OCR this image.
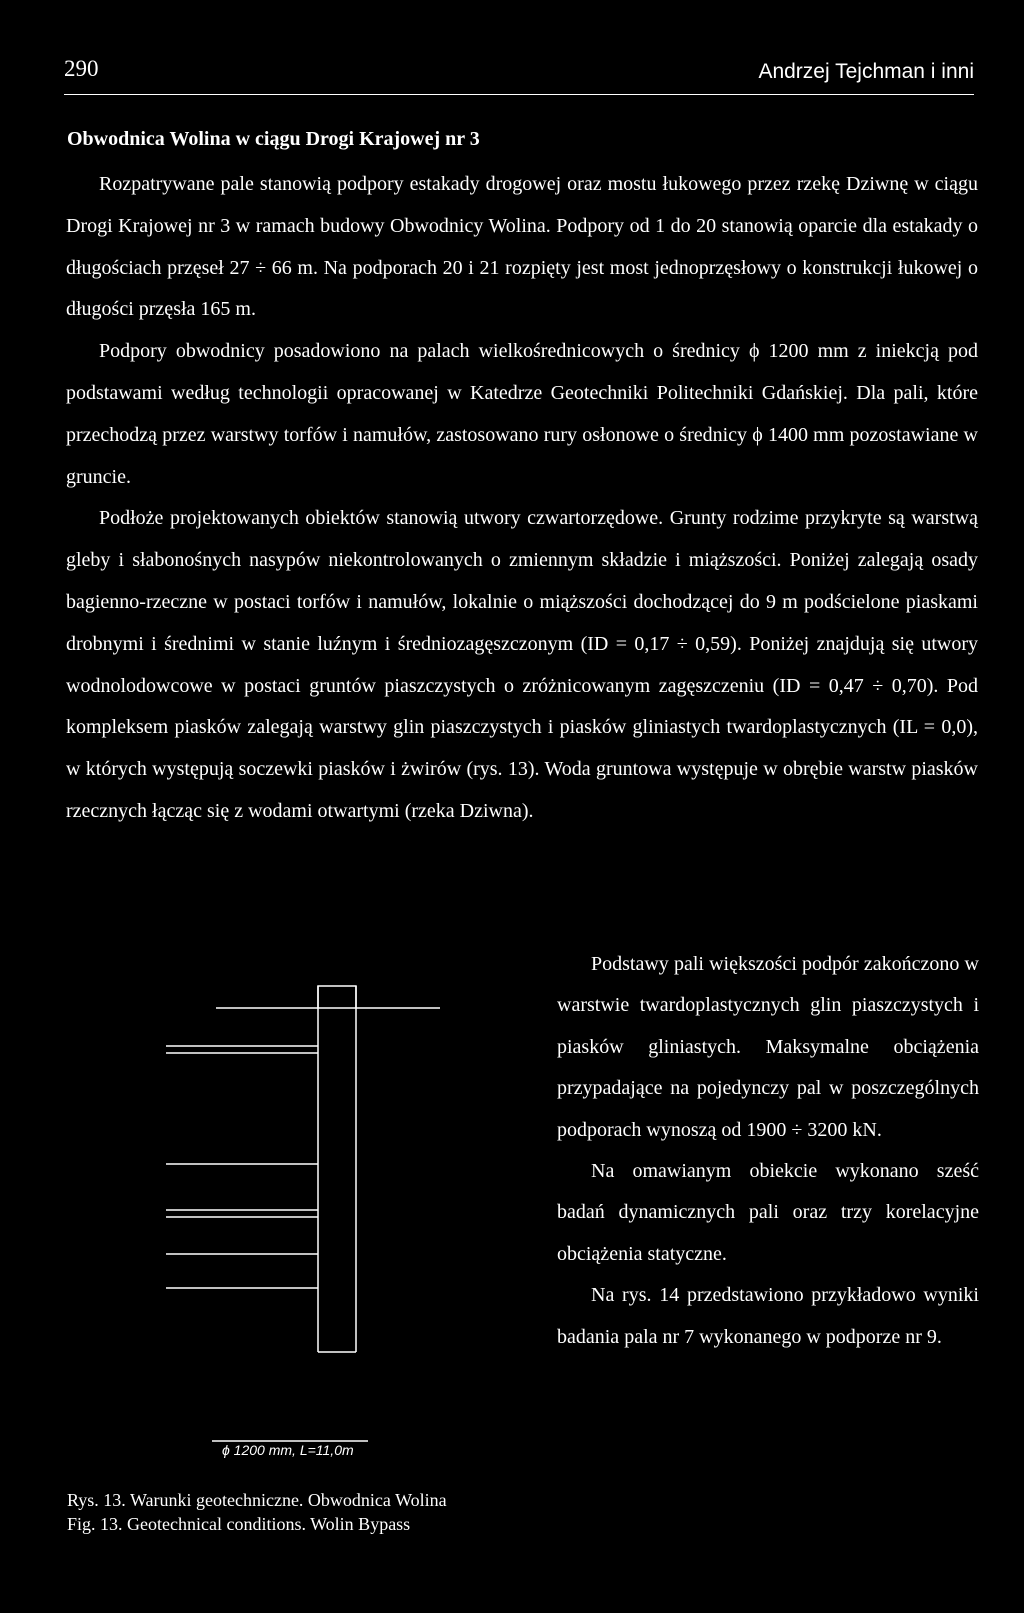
290	Andrzej Tejchman i inni
Obwodnica Wolina w ciągu Drogi Krajowej nr 3

Rozpatrywane pale stanowią podpory estakady drogowej oraz mostu łukowego przez rzekę Dziwnę w ciągu Drogi Krajowej nr 3 w ramach budowy Obwodnicy Wolina. Podpory od 1 do 20 stanowią oparcie dla estakady o długościach przęseł 27 ÷ 66 m. Na podporach 20 i 21 rozpięty jest most jednoprzęsłowy o konstrukcji łukowej o długości przęsła 165 m.

Podpory obwodnicy posadowiono na palach wielkośrednicowych o średnicy ϕ 1200 mm z iniekcją pod podstawami według technologii opracowanej w Katedrze Geotechniki Politechniki Gdańskiej. Dla pali, które przechodzą przez warstwy torfów i namułów, zastosowano rury osłonowe o średnicy ϕ 1400 mm pozostawiane w gruncie.

Podłoże projektowanych obiektów stanowią utwory czwartorzędowe. Grunty rodzime przykryte są warstwą gleby i słabonośnych nasypów niekontrolowanych o zmiennym składzie i miąższości. Poniżej zalegają osady bagienno-rzeczne w postaci torfów i namułów, lokalnie o miąższości dochodzącej do 9 m podścielone piaskami drobnymi i średnimi w stanie luźnym i średniozagęszczonym (ID = 0,17 ÷ 0,59). Poniżej znajdują się utwory wodnolodowcowe w postaci gruntów piaszczystych o zróżnicowanym zagęszczeniu (ID = 0,47 ÷ 0,70). Pod kompleksem piasków zalegają warstwy glin piaszczystych i piasków gliniastych twardoplastycznych (IL = 0,0), w których występują soczewki piasków i żwirów (rys. 13). Woda gruntowa występuje w obrębie warstw piasków rzecznych łącząc się z wodami otwartymi (rzeka Dziwna).

ϕ 1200 mm, L=11,0m

Podstawy pali większości podpór zakończono w warstwie twardoplastycznych glin piaszczystych i piasków gliniastych. Maksymalne obciążenia przypadające na pojedynczy pal w poszczególnych podporach wynoszą od 1900 ÷ 3200 kN.

Na omawianym obiekcie wykonano sześć badań dynamicznych pali oraz trzy korelacyjne obciążenia statyczne.

Na rys. 14 przedstawiono przykładowo wyniki badania pala nr 7 wykonanego w podporze nr 9.

Rys. 13. Warunki geotechniczne. Obwodnica Wolina
Fig. 13. Geotechnical conditions. Wolin Bypass
